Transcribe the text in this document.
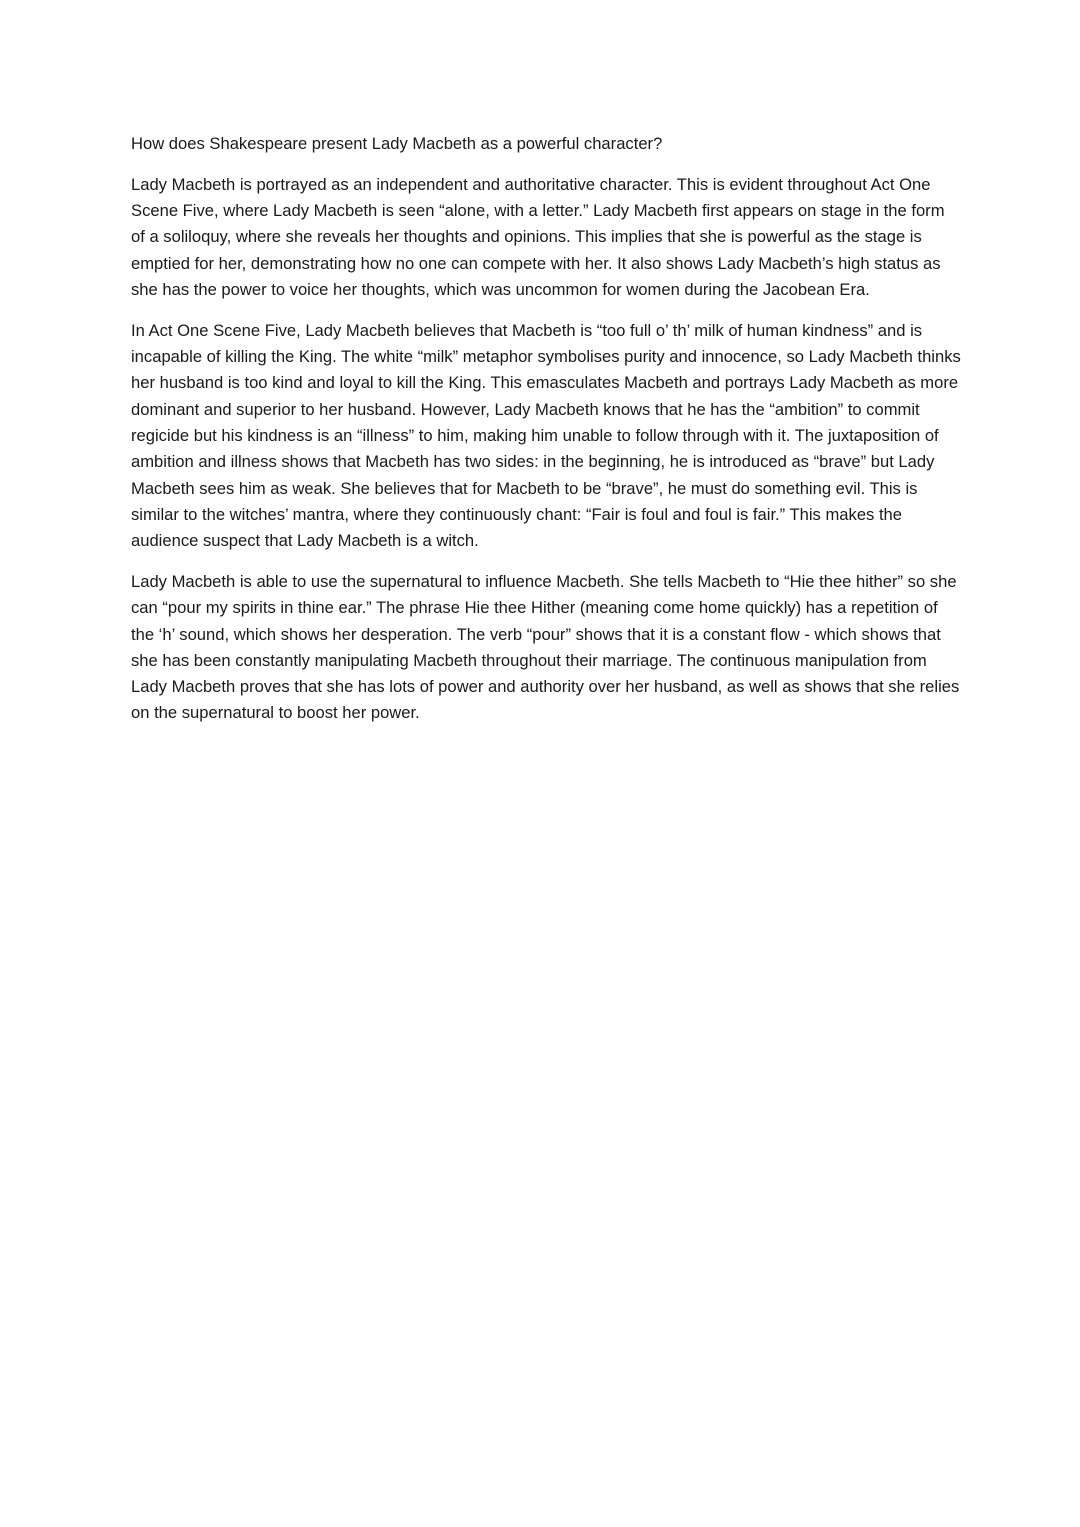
How does Shakespeare present Lady Macbeth as a powerful character?

Lady Macbeth is portrayed as an independent and authoritative character. This is evident throughout Act One Scene Five, where Lady Macbeth is seen “alone, with a letter.” Lady Macbeth first appears on stage in the form of a soliloquy, where she reveals her thoughts and opinions. This implies that she is powerful as the stage is emptied for her, demonstrating how no one can compete with her. It also shows Lady Macbeth’s high status as she has the power to voice her thoughts, which was uncommon for women during the Jacobean Era.

In Act One Scene Five, Lady Macbeth believes that Macbeth is “too full o’ th’ milk of human kindness” and is incapable of killing the King. The white “milk” metaphor symbolises purity and innocence, so Lady Macbeth thinks her husband is too kind and loyal to kill the King. This emasculates Macbeth and portrays Lady Macbeth as more dominant and superior to her husband. However, Lady Macbeth knows that he has the “ambition” to commit regicide but his kindness is an “illness” to him, making him unable to follow through with it. The juxtaposition of ambition and illness shows that Macbeth has two sides: in the beginning, he is introduced as “brave” but Lady Macbeth sees him as weak. She believes that for Macbeth to be “brave”, he must do something evil. This is similar to the witches’ mantra, where they continuously chant: “Fair is foul and foul is fair.” This makes the audience suspect that Lady Macbeth is a witch.

Lady Macbeth is able to use the supernatural to influence Macbeth. She tells Macbeth to “Hie thee hither” so she can “pour my spirits in thine ear.” The phrase Hie thee Hither (meaning come home quickly) has a repetition of the ‘h’ sound, which shows her desperation. The verb “pour” shows that it is a constant flow - which shows that she has been constantly manipulating Macbeth throughout their marriage. The continuous manipulation from Lady Macbeth proves that she has lots of power and authority over her husband, as well as shows that she relies on the supernatural to boost her power.
